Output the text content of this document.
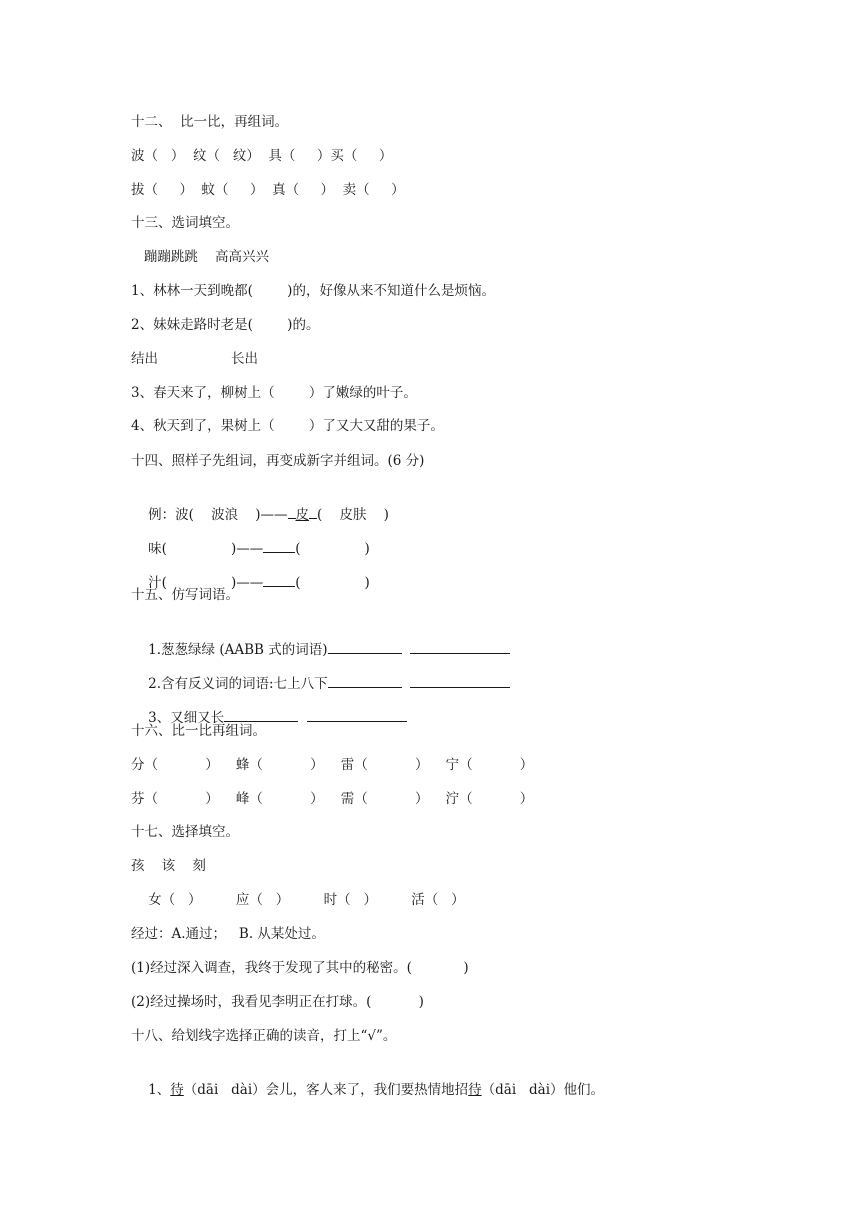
十二、  比一比，再组词。
波（   ）  纹（   纹）  具（     ）买（     ）
拔（     ）  蚊（     ）  真（     ）  卖（     ）
十三、选词填空。
蹦蹦跳跳    高高兴兴
1、林林一天到晚都(        )的，好像从来不知道什么是烦恼。
2、妹妹走路时老是(        )的。
结出                 长出
3、春天来了，柳树上（        ）了嫩绿的叶子。
4、秋天到了，果树上（        ）了又大又甜的果子。
十四、照样子先组词，再变成新字并组词。(6 分)

例：波(    波浪    )—— 皮 (    皮肤    )

味(	)—— (	)

汁(	)—— (	)

十五、仿写词语。

1.葱葱绿绿 (AABB 式的词语)

2.含有反义词的词语:七上八下

3、又细又长

十六、比一比再组词。
分（           ）    蜂（           ）    雷（           ）    宁（           ）
芬（           ）    峰（           ）    需（           ）    泞（           ）
十七、选择填空。
孩    该    刻
女（   ）        应（   ）        时（   ）        活（   ）
经过：A.通过；   B. 从某处过。
(1)经过深入调查，我终于发现了其中的秘密。(            )
(2)经过操场时，我看见李明正在打球。(           )
十八、给划线字选择正确的读音，打上“√”。

1、待（dāi   dài）会儿，客人来了，我们要热情地招待（dāi   dài）他们。
